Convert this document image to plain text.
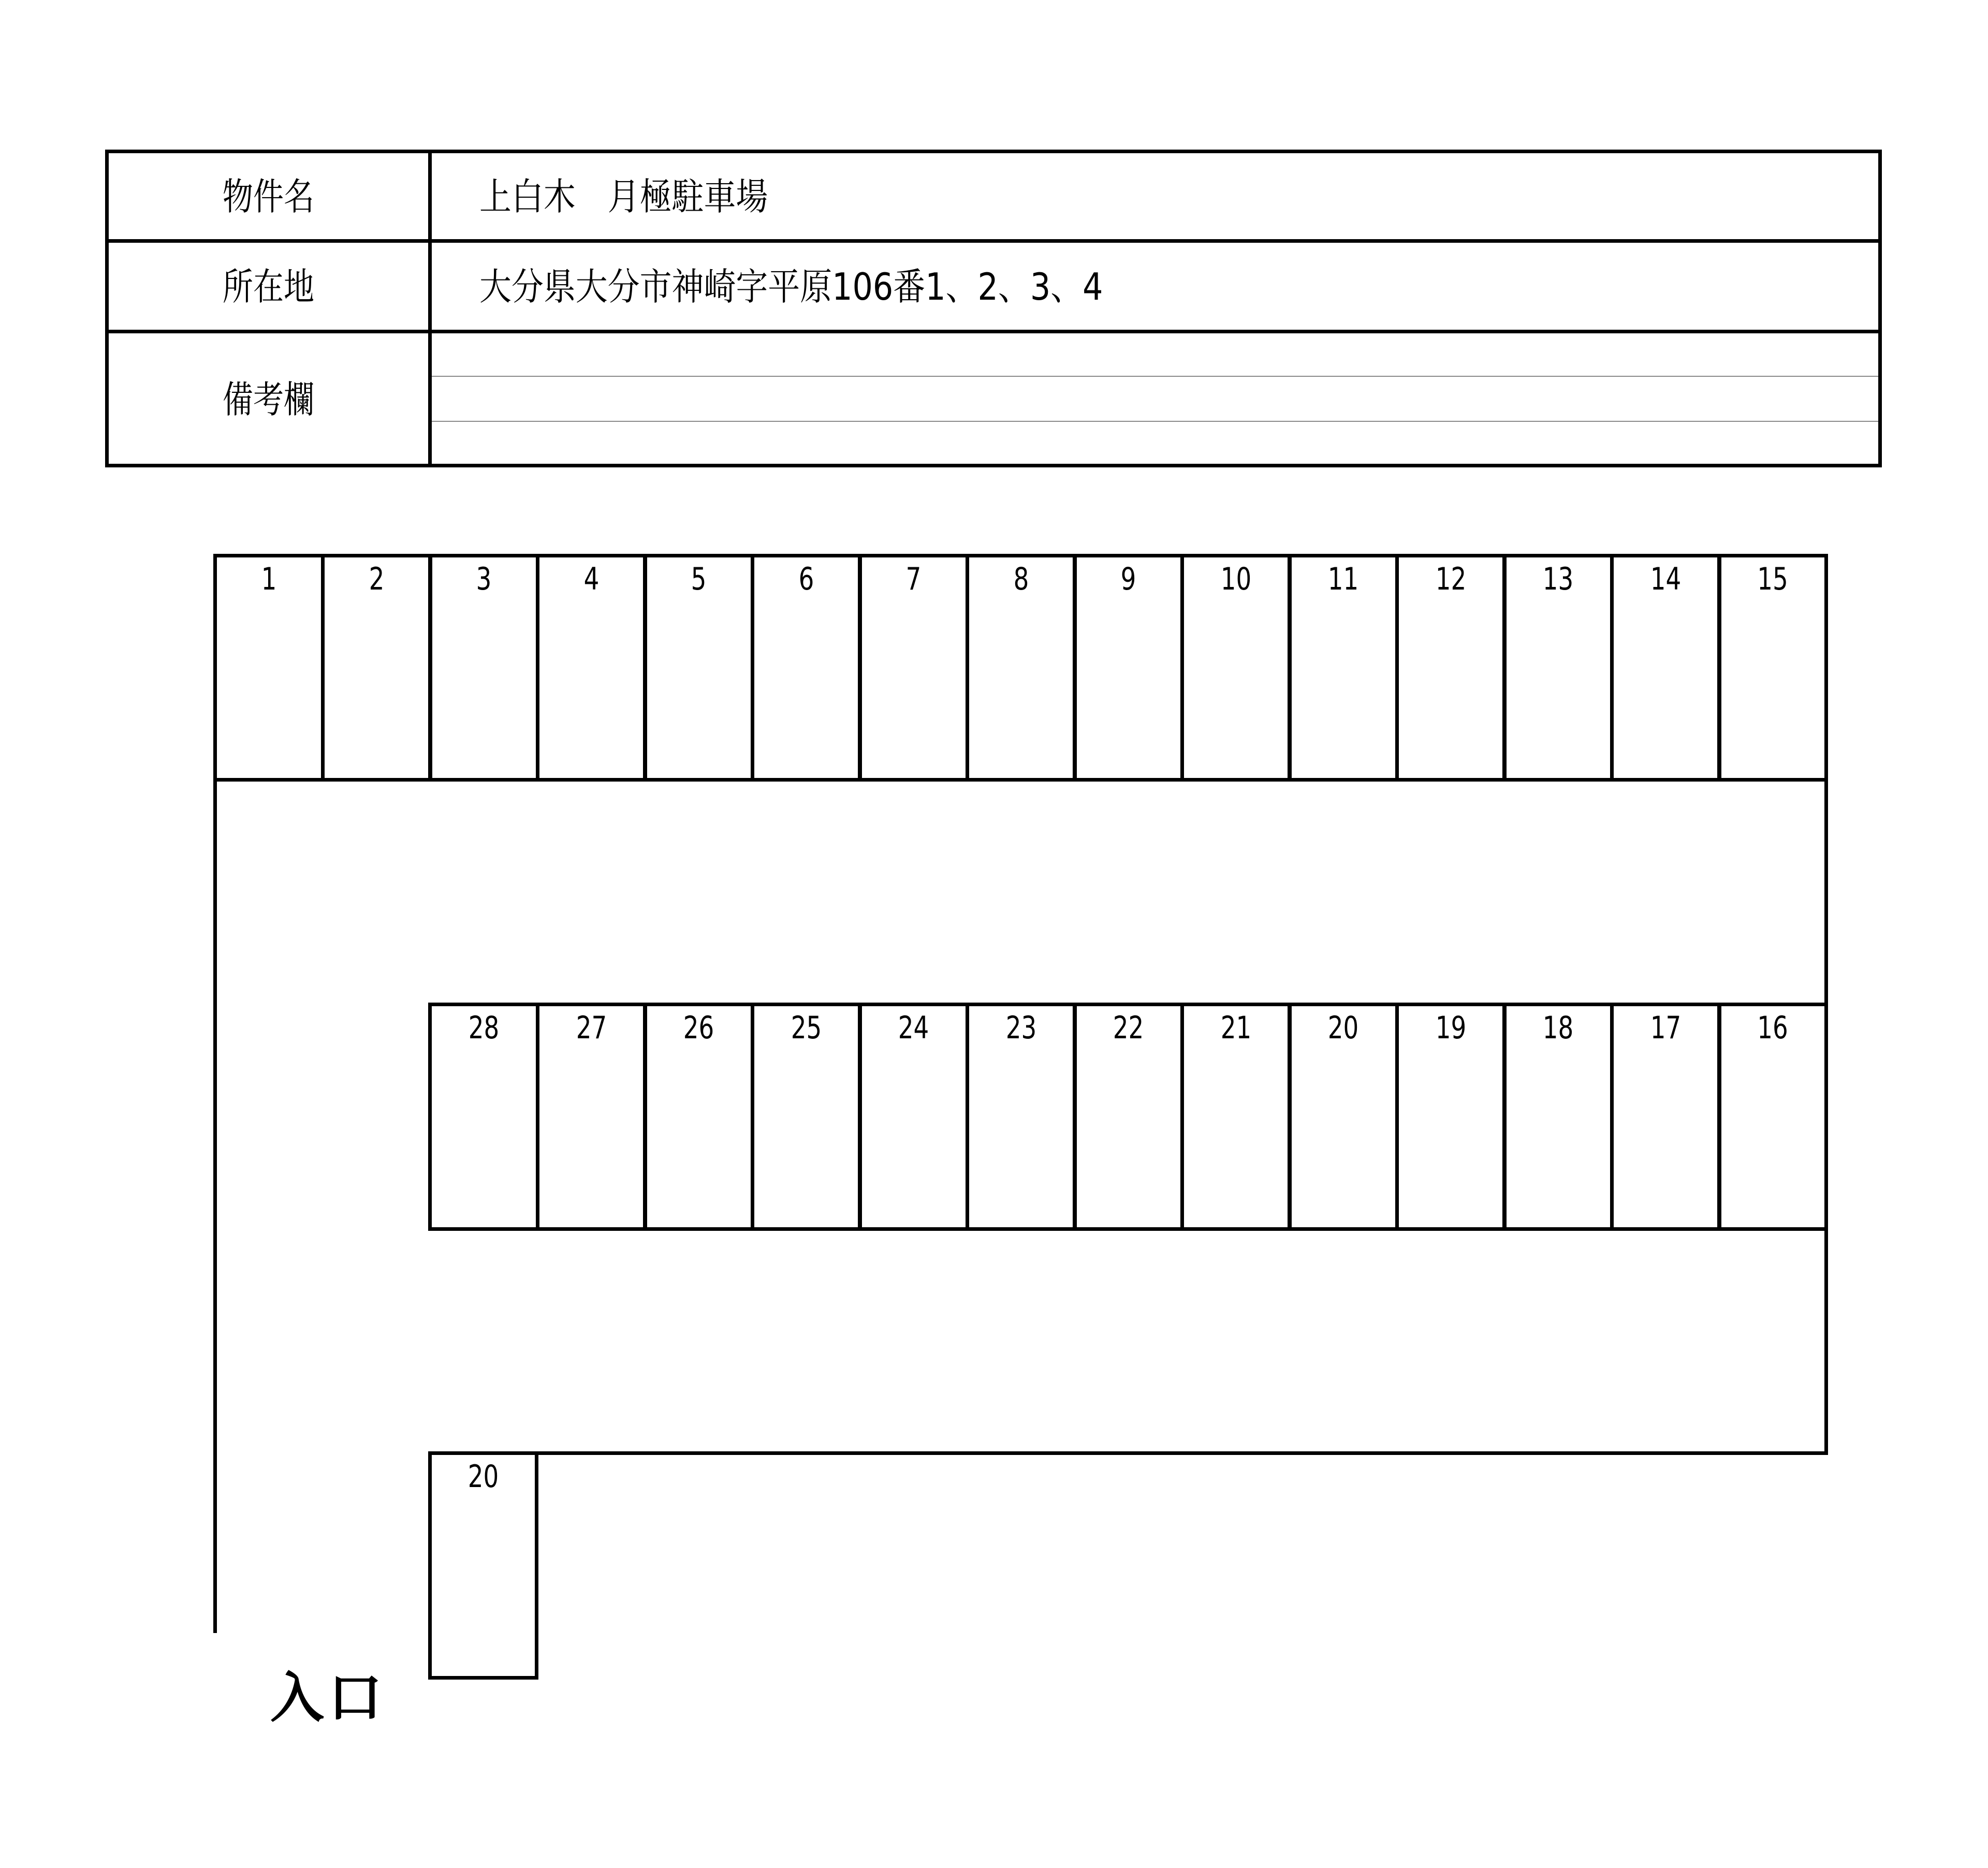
物件名	上白木　月極駐車場
所在地	大分県大分市神崎字平原106番1、2、3、4
備考欄
1	2	3	4	5	6	7	8	9	10	11	12	13	14	15
28	27	26	25	24	23	22	21	20	19	18	17	16
20
入口
